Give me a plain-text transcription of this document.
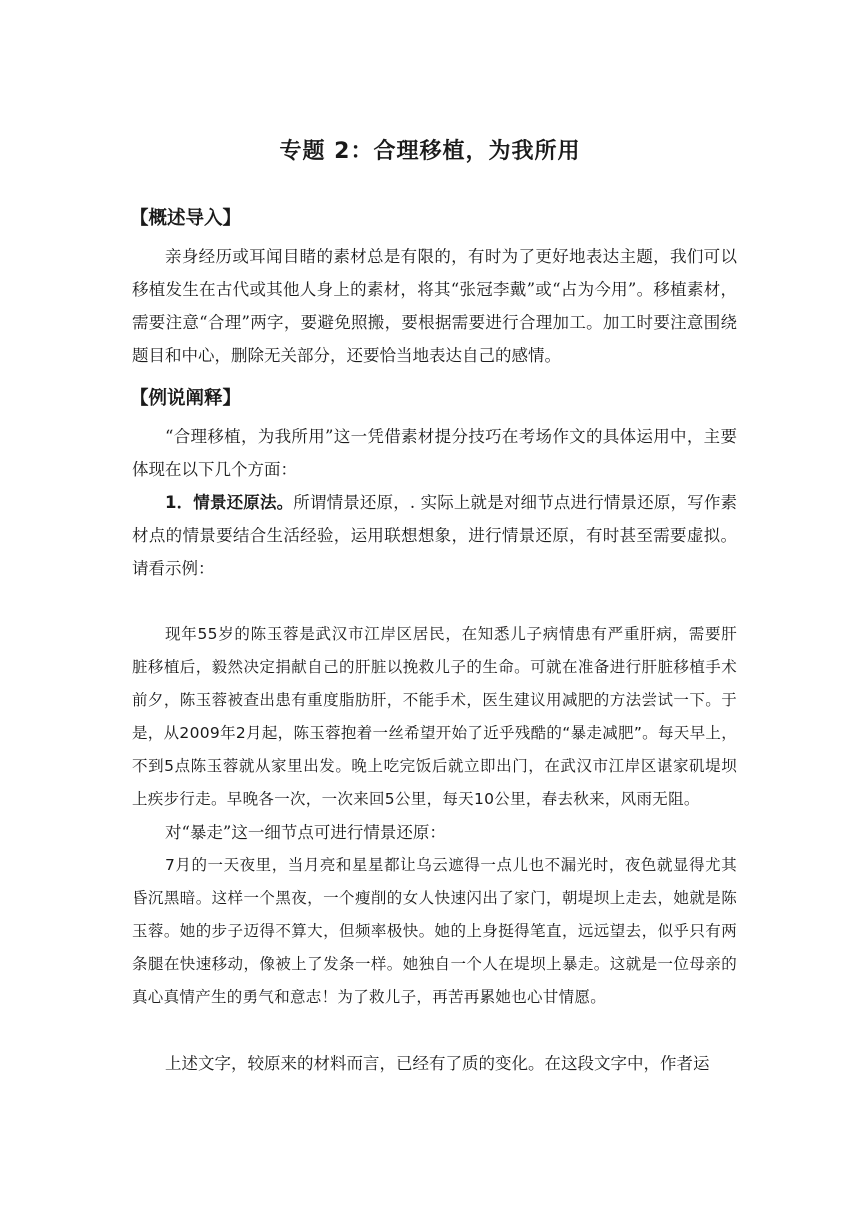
专题 2：合理移植，为我所用
【概述导入】

亲身经历或耳闻目睹的素材总是有限的，有时为了更好地表达主题，我们可以移植发生在古代或其他人身上的素材，将其“张冠李戴”或“占为今用”。移植素材，需要注意“合理”两字，要避免照搬，要根据需要进行合理加工。加工时要注意围绕题目和中心，删除无关部分，还要恰当地表达自己的感情。

【例说阐释】

“合理移植，为我所用”这一凭借素材提分技巧在考场作文的具体运用中，主要体现在以下几个方面：

1．情景还原法。所谓情景还原，. 实际上就是对细节点进行情景还原，写作素材点的情景要结合生活经验，运用联想想象，进行情景还原，有时甚至需要虚拟。请看示例：

现年55岁的陈玉蓉是武汉市江岸区居民，在知悉儿子病情患有严重肝病，需要肝脏移植后，毅然决定捐献自己的肝脏以挽救儿子的生命。可就在准备进行肝脏移植手术前夕，陈玉蓉被查出患有重度脂肪肝，不能手术，医生建议用减肥的方法尝试一下。于是，从2009年2月起，陈玉蓉抱着一丝希望开始了近乎残酷的“暴走减肥”。每天早上，不到5点陈玉蓉就从家里出发。晚上吃完饭后就立即出门，在武汉市江岸区谌家矶堤坝上疾步行走。早晚各一次，一次来回5公里，每天10公里，春去秋来，风雨无阻。

对“暴走”这一细节点可进行情景还原：

7月的一天夜里，当月亮和星星都让乌云遮得一点儿也不漏光时，夜色就显得尤其昏沉黑暗。这样一个黑夜，一个瘦削的女人快速闪出了家门，朝堤坝上走去，她就是陈玉蓉。她的步子迈得不算大，但频率极快。她的上身挺得笔直，远远望去，似乎只有两条腿在快速移动，像被上了发条一样。她独自一个人在堤坝上暴走。这就是一位母亲的真心真情产生的勇气和意志！为了救儿子，再苦再累她也心甘情愿。

上述文字，较原来的材料而言，已经有了质的变化。在这段文字中，作者运
